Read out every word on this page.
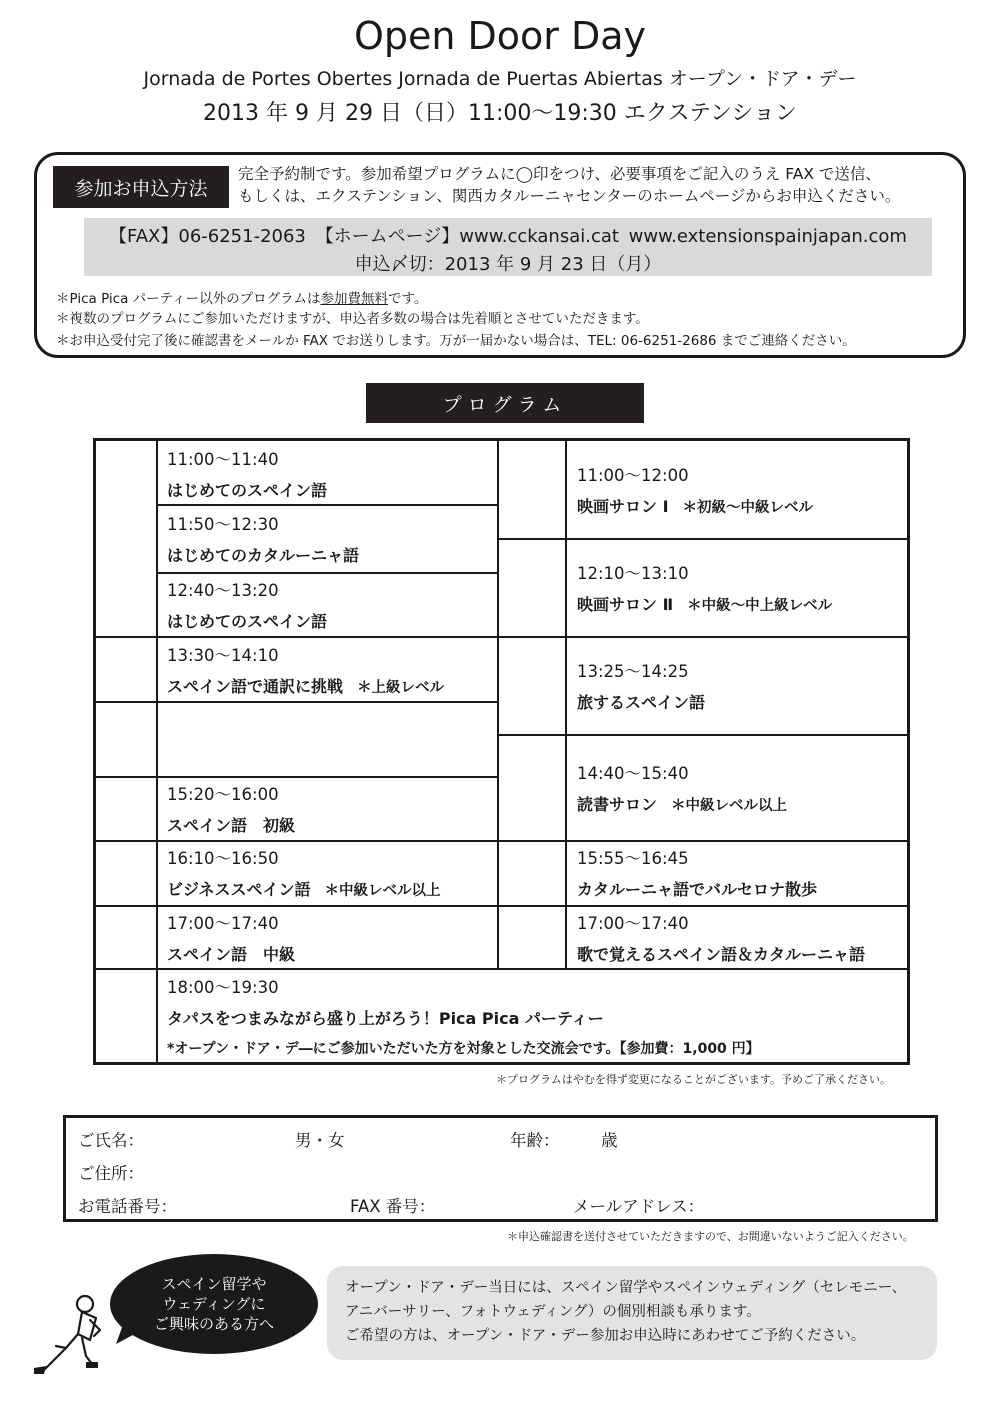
Open Door Day
Jornada de Portes Obertes Jornada de Puertas Abiertas オープン・ドア・デー
2013 年 9 月 29 日（日）11:00〜19:30 エクステンション
参加お申込方法
完全予約制です。参加希望プログラムに◯印をつけ、必要事項をご記入のうえ FAX で送信、
もしくは、エクステンション、関西カタルーニャセンターのホームページからお申込ください。
【FAX】06-6251-2063 【ホームページ】www.cckansai.cat www.extensionspainjapan.com
申込〆切：2013 年 9 月 23 日（月）
＊Pica Pica パーティー以外のプログラムは参加費無料です。
＊複数のプログラムにご参加いただけますが、申込者多数の場合は先着順とさせていただきます。
＊お申込受付完了後に確認書をメールか FAX でお送りします。万が一届かない場合は、TEL: 06-6251-2686 までご連絡ください。
プログラム
11:00〜11:40
はじめてのスペイン語
11:50〜12:30
はじめてのカタルーニャ語
12:40〜13:20
はじめてのスペイン語
13:30〜14:10
スペイン語で通訳に挑戦 ＊上級レベル
15:20〜16:00
スペイン語　初級
16:10〜16:50
ビジネススペイン語 ＊中級レベル以上
17:00〜17:40
スペイン語　中級
11:00〜12:00
映画サロン Ⅰ ＊初級〜中級レベル
12:10〜13:10
映画サロン Ⅱ ＊中級〜中上級レベル
13:25〜14:25
旅するスペイン語
14:40〜15:40
読書サロン ＊中級レベル以上
15:55〜16:45
カタルーニャ語でバルセロナ散歩
17:00〜17:40
歌で覚えるスペイン語＆カタルーニャ語
18:00〜19:30
タパスをつまみながら盛り上がろう！Pica Pica パーティー
*オープン・ドア・デ―にご参加いただいた方を対象とした交流会です。【参加費：1,000 円】
＊プログラムはやむを得ず変更になることがございます。予めご了承ください。
ご氏名：	男・女	年齢：	歳
ご住所：
お電話番号：	FAX 番号：	メールアドレス：
＊申込確認書を送付させていただきますので、お間違いないようご記入ください。
スペイン留学や
ウェディングに
ご興味のある方へ
オープン・ドア・デー当日には、スペイン留学やスペインウェディング（セレモニー、
アニバーサリー、フォトウェディング）の個別相談も承ります。
ご希望の方は、オープン・ドア・デー参加お申込時にあわせてご予約ください。
